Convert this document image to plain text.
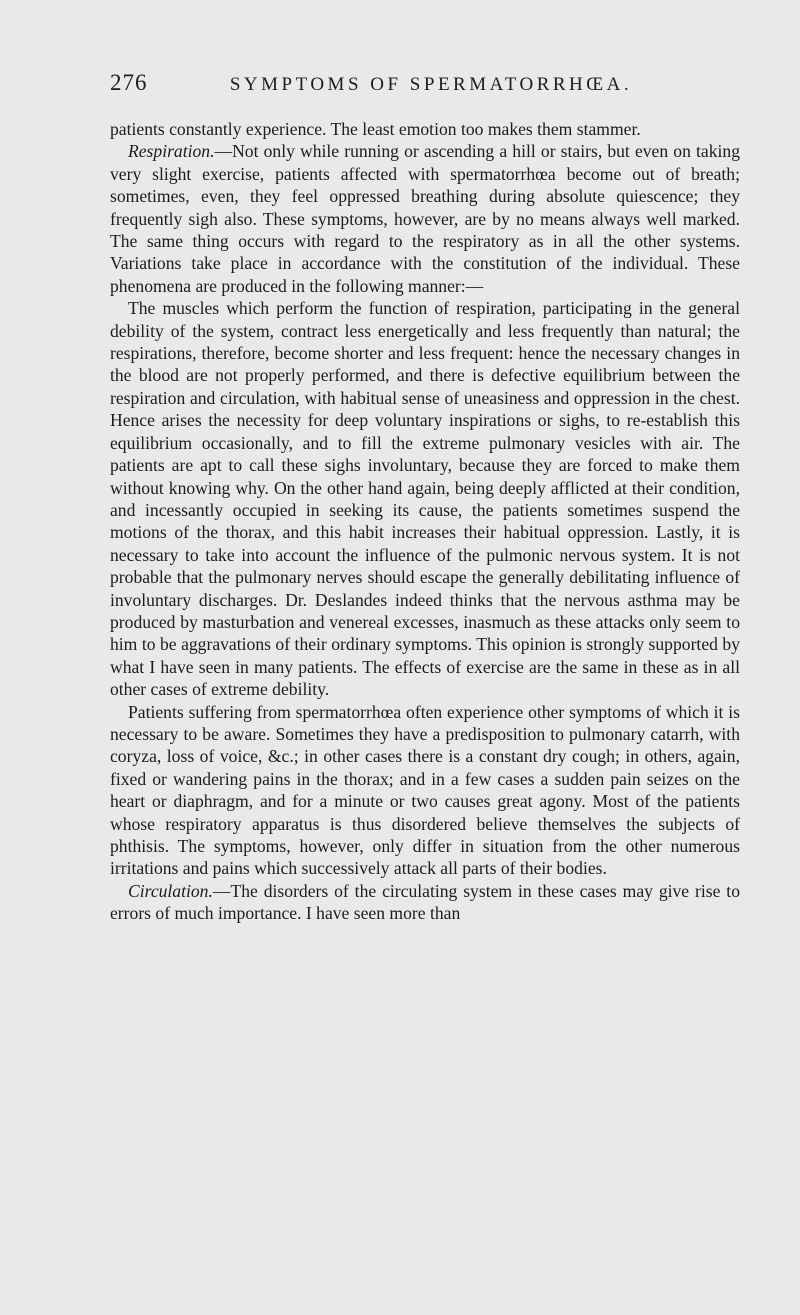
276	SYMPTOMS OF SPERMATORRHŒA.

patients constantly experience. The least emotion too makes them stammer.

Respiration.—Not only while running or ascending a hill or stairs, but even on taking very slight exercise, patients affected with spermatorrhœa become out of breath; sometimes, even, they feel oppressed breathing during absolute quiescence; they frequently sigh also. These symptoms, however, are by no means always well marked. The same thing occurs with regard to the respiratory as in all the other systems. Variations take place in accordance with the constitution of the individual. These phenomena are produced in the following manner:—

The muscles which perform the function of respiration, participating in the general debility of the system, contract less energetically and less frequently than natural; the respirations, therefore, become shorter and less frequent: hence the necessary changes in the blood are not properly performed, and there is defective equilibrium between the respiration and circulation, with habitual sense of uneasiness and oppression in the chest. Hence arises the necessity for deep voluntary inspirations or sighs, to re-establish this equilibrium occasionally, and to fill the extreme pulmonary vesicles with air. The patients are apt to call these sighs involuntary, because they are forced to make them without knowing why. On the other hand again, being deeply afflicted at their condition, and incessantly occupied in seeking its cause, the patients sometimes suspend the motions of the thorax, and this habit increases their habitual oppression. Lastly, it is necessary to take into account the influence of the pulmonic nervous system. It is not probable that the pulmonary nerves should escape the generally debilitating influence of involuntary discharges. Dr. Deslandes indeed thinks that the nervous asthma may be produced by masturbation and venereal excesses, inasmuch as these attacks only seem to him to be aggravations of their ordinary symptoms. This opinion is strongly supported by what I have seen in many patients. The effects of exercise are the same in these as in all other cases of extreme debility.

Patients suffering from spermatorrhœa often experience other symptoms of which it is necessary to be aware. Sometimes they have a predisposition to pulmonary catarrh, with coryza, loss of voice, &c.; in other cases there is a constant dry cough; in others, again, fixed or wandering pains in the thorax; and in a few cases a sudden pain seizes on the heart or diaphragm, and for a minute or two causes great agony. Most of the patients whose respiratory apparatus is thus disordered believe themselves the subjects of phthisis. The symptoms, however, only differ in situation from the other numerous irritations and pains which successively attack all parts of their bodies.

Circulation.—The disorders of the circulating system in these cases may give rise to errors of much importance. I have seen more than
